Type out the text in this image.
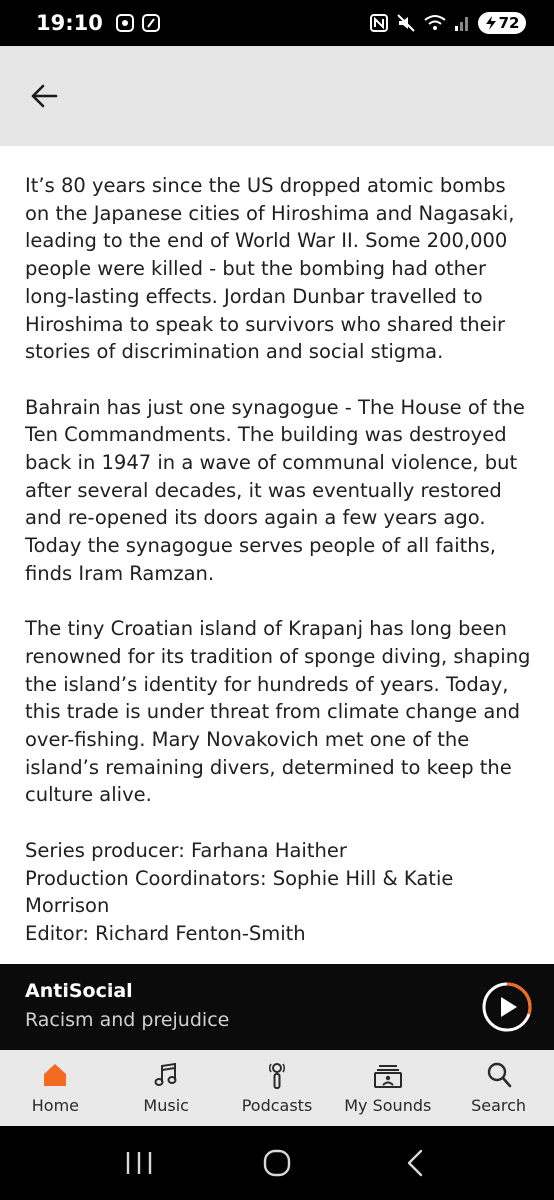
19:10	72

It’s 80 years since the US dropped atomic bombs on the Japanese cities of Hiroshima and Nagasaki, leading to the end of World War II. Some 200,000 people were killed - but the bombing had other long-lasting effects. Jordan Dunbar travelled to Hiroshima to speak to survivors who shared their stories of discrimination and social stigma.

Bahrain has just one synagogue - The House of the Ten Commandments. The building was destroyed back in 1947 in a wave of communal violence, but after several decades, it was eventually restored and re-opened its doors again a few years ago. Today the synagogue serves people of all faiths, finds Iram Ramzan.

The tiny Croatian island of Krapanj has long been renowned for its tradition of sponge diving, shaping the island’s identity for hundreds of years. Today, this trade is under threat from climate change and over-fishing. Mary Novakovich met one of the island’s remaining divers, determined to keep the culture alive.

Series producer: Farhana Haither
Production Coordinators: Sophie Hill & Katie Morrison
Editor: Richard Fenton-Smith
AntiSocial
Racism and prejudice
Home	Music	Podcasts My Sounds Search
